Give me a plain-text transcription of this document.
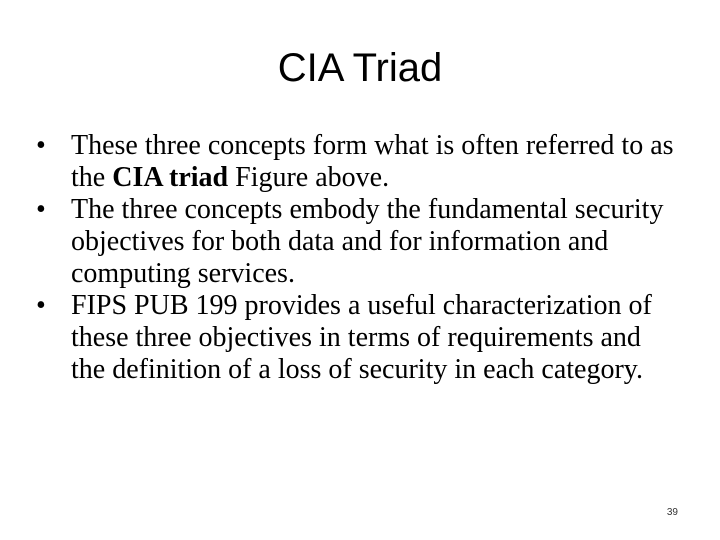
CIA Triad
• These three concepts form what is often referred to as the CIA triad Figure above.
• The three concepts embody the fundamental security objectives for both data and for information and computing services.
• FIPS PUB 199 provides a useful characterization of these three objectives in terms of requirements and the definition of a loss of security in each category.
39
